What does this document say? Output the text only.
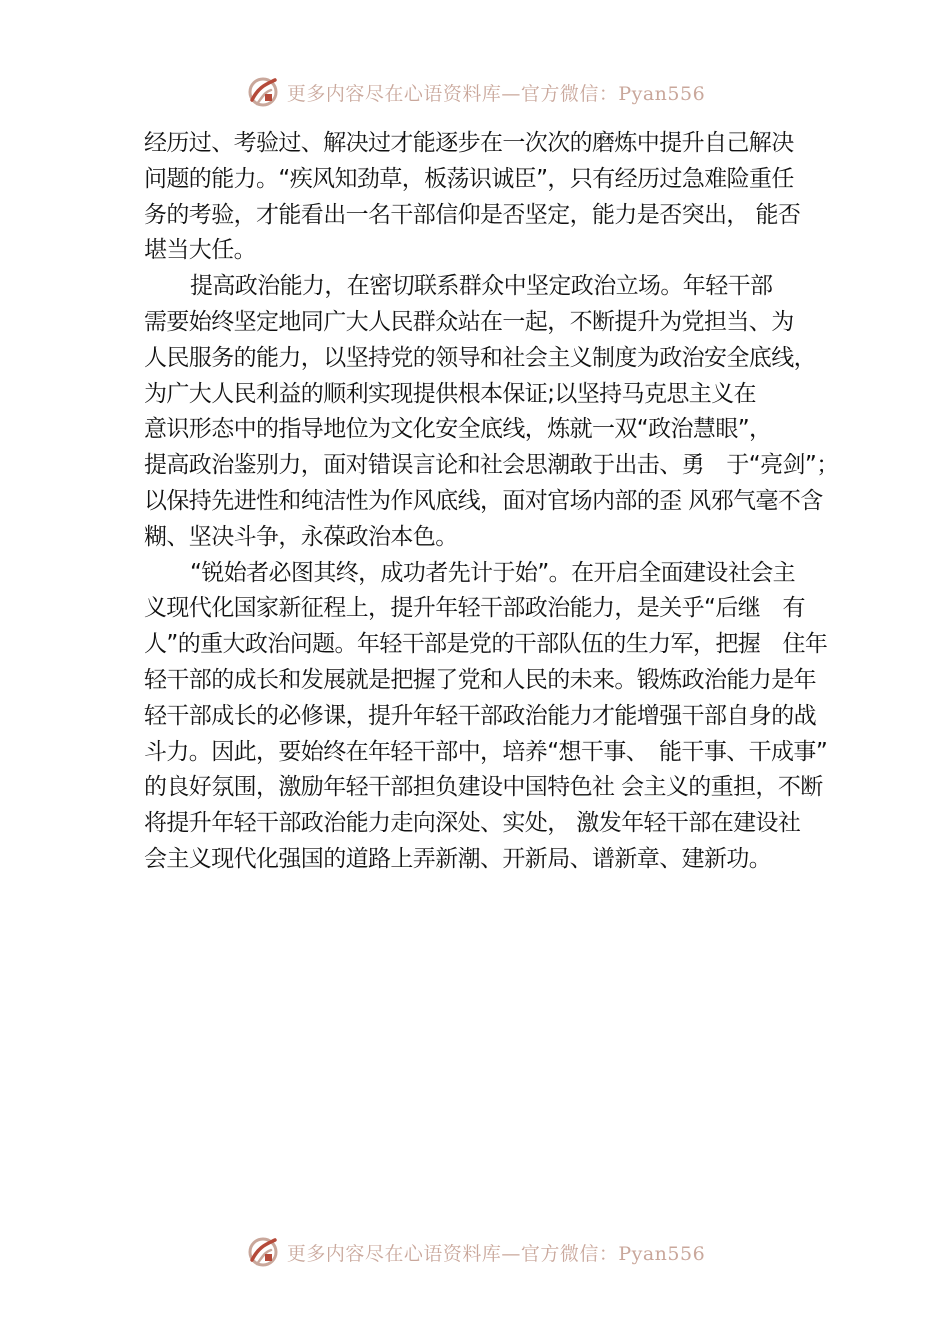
更多内容尽在心语资料库—官方微信：Pyan556

经历过、考验过、解决过才能逐步在一次次的磨炼中提升自己解决
问题的能力。“疾风知劲草，板荡识诚臣”，只有经历过急难险重任
务的考验，才能看出一名干部信仰是否坚定，能力是否突出， 能否
堪当大任。

提高政治能力，在密切联系群众中坚定政治立场。年轻干部
需要始终坚定地同广大人民群众站在一起，不断提升为党担当、为
人民服务的能力，以坚持党的领导和社会主义制度为政治安全底线，
为广大人民利益的顺利实现提供根本保证;以坚持马克思主义在
意识形态中的指导地位为文化安全底线，炼就一双“政治慧眼”，
提高政治鉴别力，面对错误言论和社会思潮敢于出击、勇　于“亮剑”；
以保持先进性和纯洁性为作风底线，面对官场内部的歪 风邪气毫不含
糊、坚决斗争，永葆政治本色。

“锐始者必图其终，成功者先计于始”。在开启全面建设社会主
义现代化国家新征程上，提升年轻干部政治能力，是关乎“后继　有
人”的重大政治问题。年轻干部是党的干部队伍的生力军，把握　住年
轻干部的成长和发展就是把握了党和人民的未来。锻炼政治能力是年
轻干部成长的必修课，提升年轻干部政治能力才能增强干部自身的战
斗力。因此，要始终在年轻干部中，培养“想干事、　能干事、干成事”
的良好氛围，激励年轻干部担负建设中国特色社 会主义的重担，不断
将提升年轻干部政治能力走向深处、实处， 激发年轻干部在建设社
会主义现代化强国的道路上弄新潮、开新局、谱新章、建新功。

更多内容尽在心语资料库—官方微信：Pyan556
